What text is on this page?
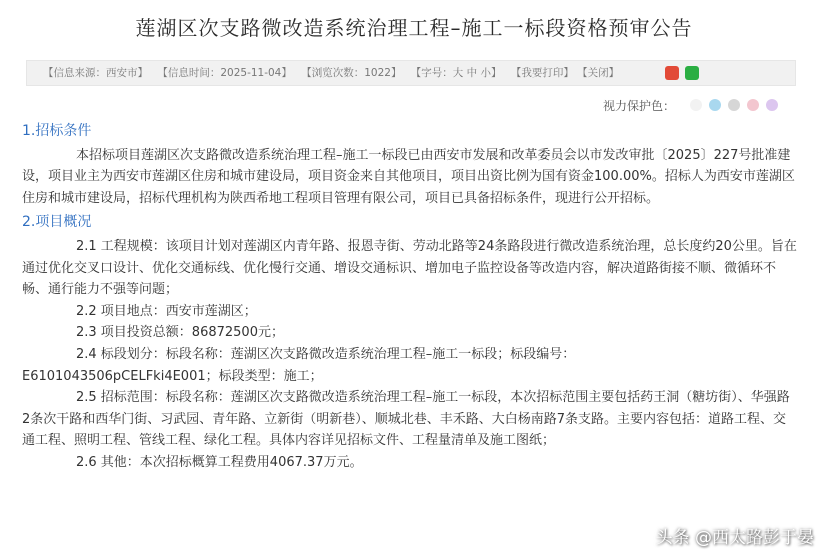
莲湖区次支路微改造系统治理工程–施工一标段资格预审公告
【信息来源：西安市】 【信息时间：2025-11-04】 【浏览次数：1022】 【字号：大 中 小】 【我要打印】 【关闭】
视力保护色：
1.招标条件

本招标项目莲湖区次支路微改造系统治理工程–施工一标段已由西安市发展和改革委员会以市发改审批〔2025〕227号批准建设，项目业主为西安市莲湖区住房和城市建设局，项目资金来自其他项目，项目出资比例为国有资金100.00%。招标人为西安市莲湖区住房和城市建设局，招标代理机构为陕西希地工程项目管理有限公司，项目已具备招标条件，现进行公开招标。

2.项目概况

2.1 工程规模：该项目计划对莲湖区内青年路、报恩寺街、劳动北路等24条路段进行微改造系统治理，总长度约20公里。旨在通过优化交叉口设计、优化交通标线、优化慢行交通、增设交通标识、增加电子监控设备等改造内容，解决道路街接不顺、微循环不畅、通行能力不强等问题；

2.2 项目地点：西安市莲湖区；

2.3 项目投资总额：86872500元；

2.4 标段划分：标段名称：莲湖区次支路微改造系统治理工程–施工一标段；标段编号：

E6101043506pCELFki4E001；标段类型：施工；

2.5 招标范围：标段名称：莲湖区次支路微改造系统治理工程–施工一标段，本次招标范围主要包括药王洞（糖坊街）、华强路2条次干路和西华门街、习武园、青年路、立新街（明新巷）、顺城北巷、丰禾路、大白杨南路7条支路。主要内容包括：道路工程、交通工程、照明工程、管线工程、绿化工程。具体内容详见招标文件、工程量清单及施工图纸；

2.6 其他：本次招标概算工程费用4067.37万元。

头条 @西太路彭于晏
